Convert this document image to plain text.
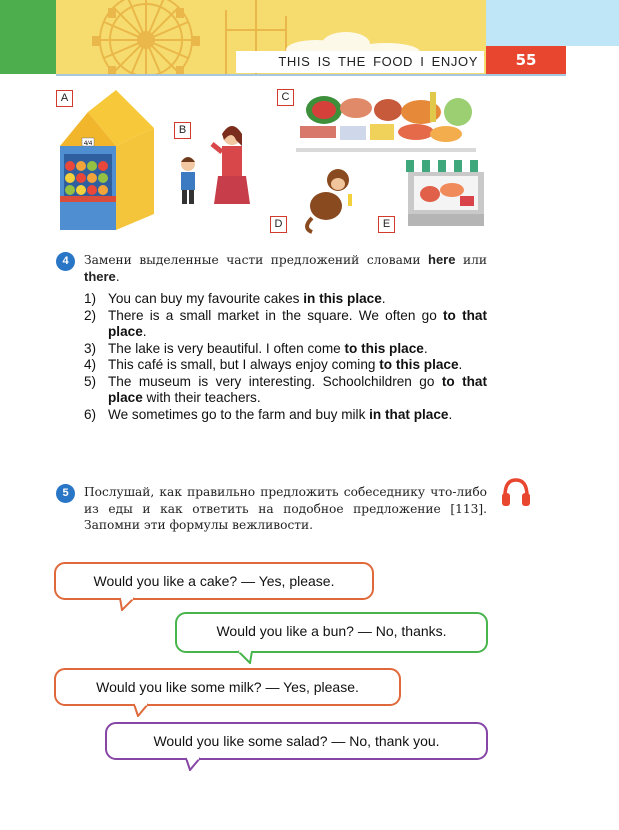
THIS IS THE FOOD I ENJOY	55
A
4/4
B
C
D	E
4	Замени выделенные части предложений словами here или there.
1) You can buy my favourite cakes in this place.
2) There is a small market in the square. We often go to that place.
3) The lake is very beautiful. I often come to this place.
4) This café is small, but I always enjoy coming to this place.
5) The museum is very interesting. Schoolchildren go to that place with their teachers.
6) We sometimes go to the farm and buy milk in that place.
5	Послушай, как правильно предложить собеседнику что-либо из еды и как ответить на подобное предложение [113]. Запомни эти формулы вежливости.
Would you like a cake? — Yes, please.
Would you like a bun? — No, thanks.
Would you like some milk? — Yes, please.
Would you like some salad? — No, thank you.
